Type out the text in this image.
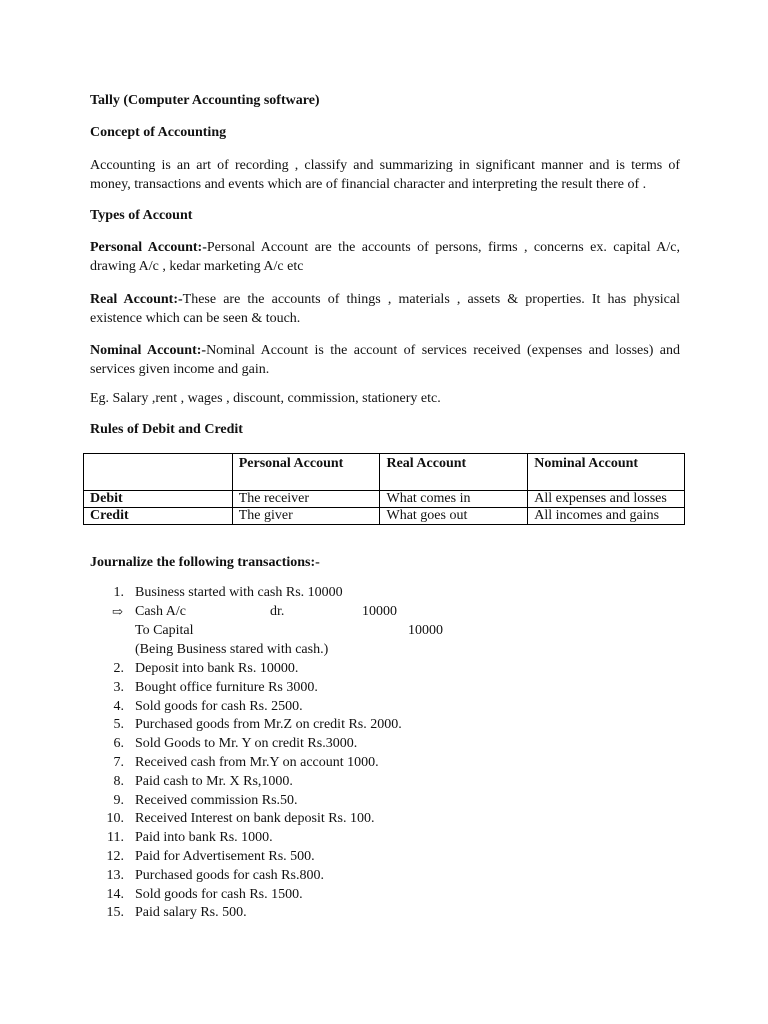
Tally (Computer Accounting software)
Concept of Accounting
Accounting is an art of recording , classify and summarizing in significant manner and is terms of money, transactions and events which are of financial character and interpreting the result there of .
Types of Account
Personal Account:-Personal Account are the accounts of persons, firms , concerns ex. capital A/c, drawing A/c , kedar marketing A/c etc
Real Account:-These are the accounts of things , materials , assets & properties. It has physical existence which can be seen & touch.
Nominal Account:-Nominal Account is the account of services received (expenses and losses) and services given income and gain.
Eg. Salary ,rent , wages , discount, commission, stationery etc.
Rules of Debit and Credit
	Personal Account	Real Account	Nominal Account
Debit	The receiver	What comes in	All expenses and losses
Credit	The giver	What goes out	All incomes and gains
Journalize the following transactions:-
1. Business started with cash Rs. 10000
⇨ Cash A/c	dr.	10000
To Capital	10000
(Being Business stared with cash.)
2. Deposit into bank Rs. 10000.
3. Bought office furniture Rs 3000.
4. Sold goods for cash Rs. 2500.
5. Purchased goods from Mr.Z on credit Rs. 2000.
6. Sold Goods to Mr. Y on credit Rs.3000.
7. Received cash from Mr.Y on account 1000.
8. Paid cash to Mr. X Rs,1000.
9. Received commission Rs.50.
10. Received Interest on bank deposit Rs. 100.
11. Paid into bank Rs. 1000.
12. Paid for Advertisement Rs. 500.
13. Purchased goods for cash Rs.800.
14. Sold goods for cash Rs. 1500.
15. Paid salary Rs. 500.
